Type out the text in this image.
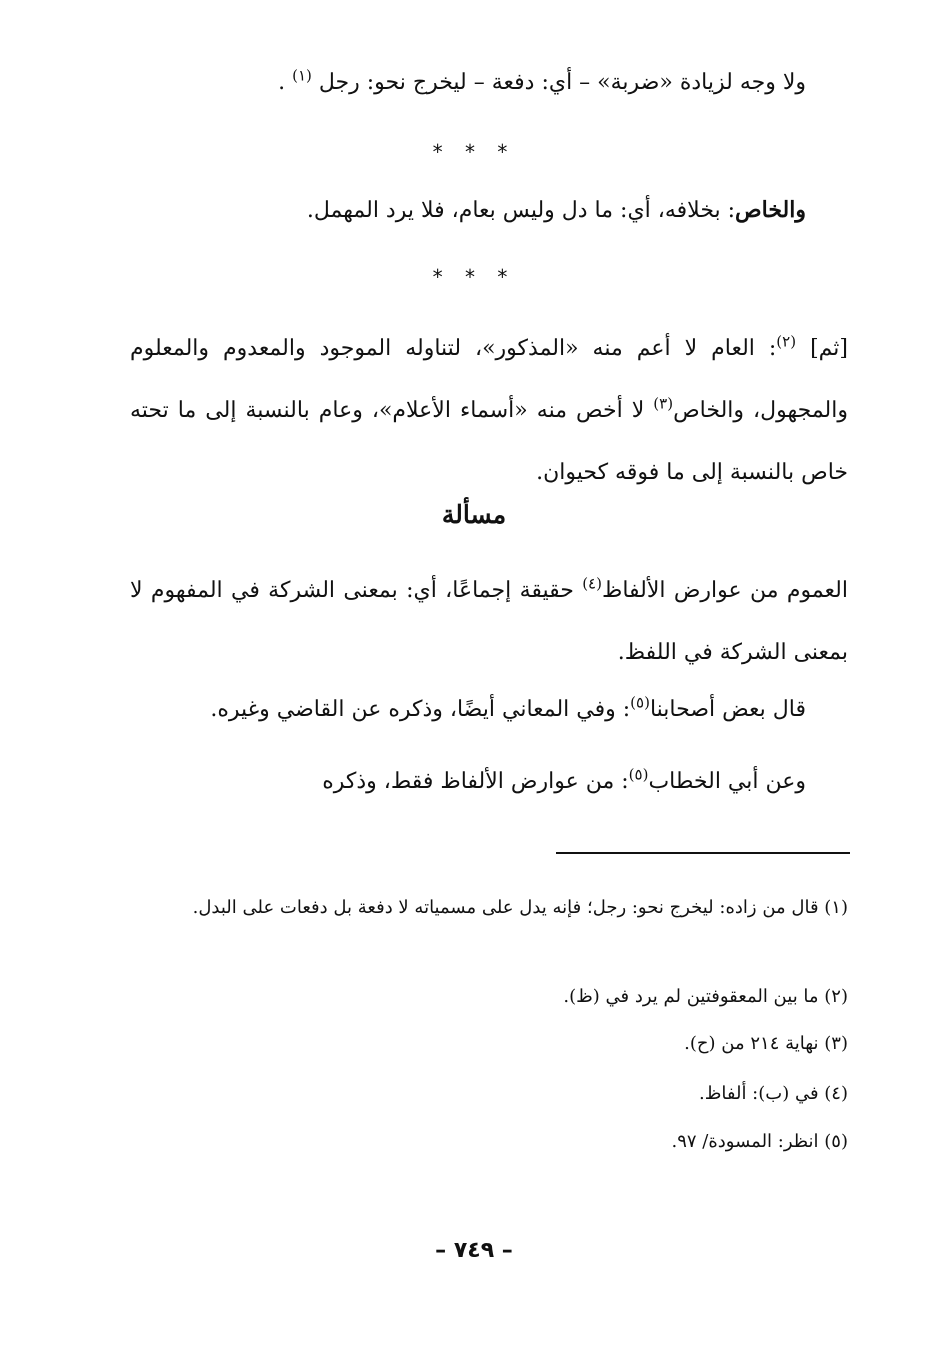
ولا وجه لزيادة «ضربة» – أي: دفعة – ليخرج نحو: رجل $^{(١)}$ .
* * *
والخاص: بخلافه، أي: ما دل وليس بعام، فلا يرد المهمل.
* * *
[ثم] $^{(٢)}$: العام لا أعم منه «المذكور»، لتناوله الموجود والمعدوم والمعلوم والمجهول، والخاص$^{(٣)}$ لا أخص منه «أسماء الأعلام»، وعام بالنسبة إلى ما تحته خاص بالنسبة إلى ما فوقه كحيوان.
مسألة
العموم من عوارض الألفاظ$^{(٤)}$ حقيقة إجماعًا، أي: بمعنى الشركة في المفهوم لا بمعنى الشركة في اللفظ.
قال بعض أصحابنا$^{(٥)}$: وفي المعاني أيضًا، وذكره عن القاضي وغيره.
وعن أبي الخطاب$^{(٥)}$: من عوارض الألفاظ فقط، وذكره
(١) قال من زاده: ليخرج نحو: رجل؛ فإنه يدل على مسمياته لا دفعة بل دفعات على البدل.
(٢) ما بين المعقوفتين لم يرد في (ظ).
(٣) نهاية ٢١٤ من (ح).
(٤) في (ب): ألفاظ.
(٥) انظر: المسودة/ ٩٧.
– ٧٤٩ –
